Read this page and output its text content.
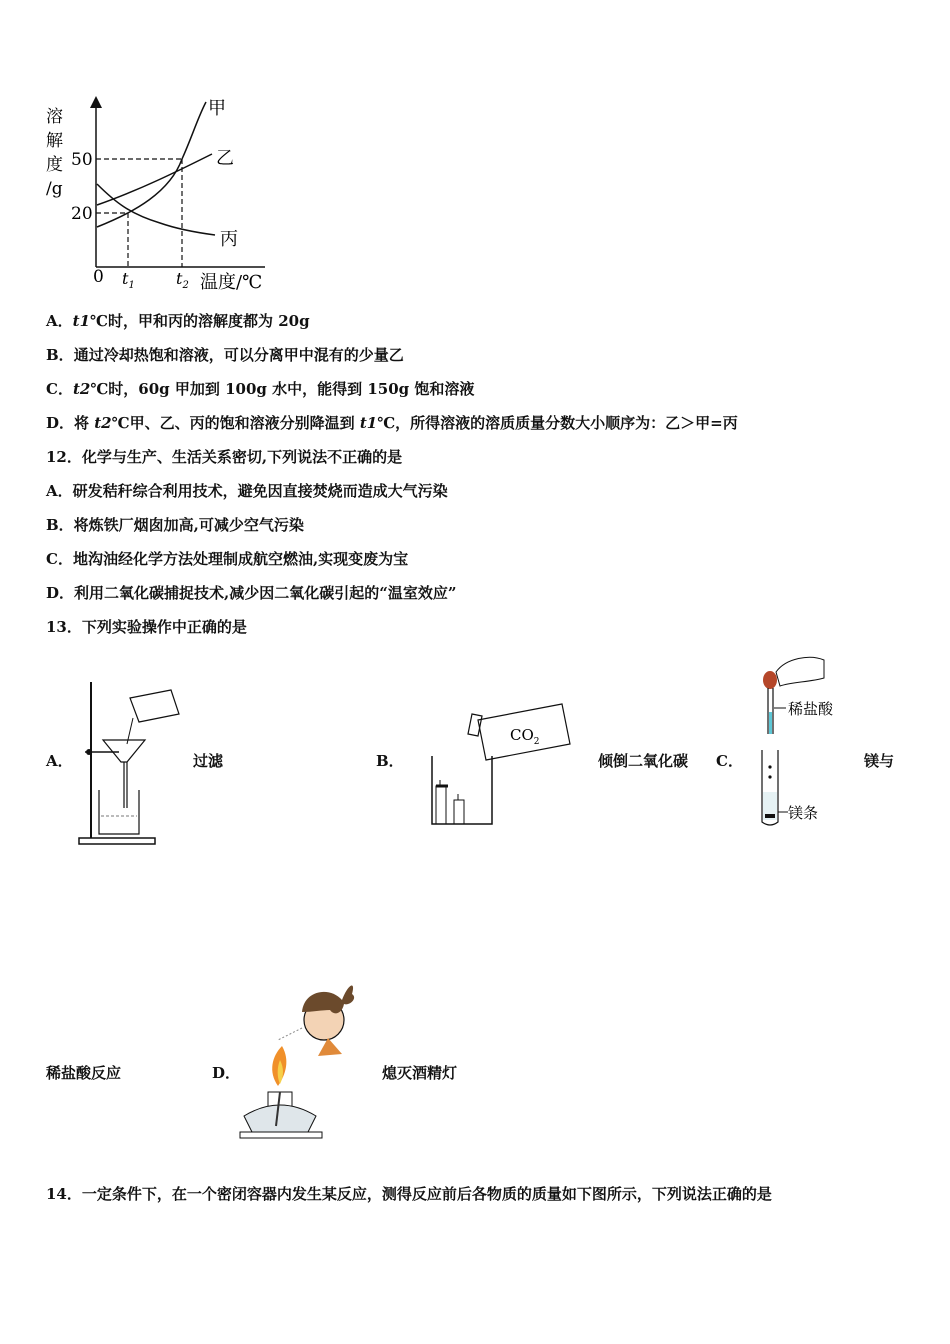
溶
解
度
/g
50
20
0 $t_1$	$t_2$ 温度/℃
甲
乙
丙
A．t1℃时，甲和丙的溶解度都为 20g
B．通过冷却热饱和溶液，可以分离甲中混有的少量乙
C．t2℃时，60g 甲加到 100g 水中，能得到 150g 饱和溶液
D．将 t2℃甲、乙、丙的饱和溶液分别降温到 t1℃，所得溶液的溶质质量分数大小顺序为：乙＞甲=丙
12．化学与生产、生活关系密切,下列说法不正确的是
A．研发秸秆综合利用技术，避免因直接焚烧而造成大气污染
B．将炼铁厂烟囱加高,可减少空气污染
C．地沟油经化学方法处理制成航空燃油,实现变废为宝
D．利用二氧化碳捕捉技术,减少因二氧化碳引起的“温室效应”
13．下列实验操作中正确的是
A．	过滤	B．
$CO_2$
倾倒二氧化碳 C．
稀盐酸
镁条
镁与
稀盐酸反应	D．	熄灭酒精灯
14．一定条件下，在一个密闭容器内发生某反应，测得反应前后各物质的质量如下图所示，下列说法正确的是
